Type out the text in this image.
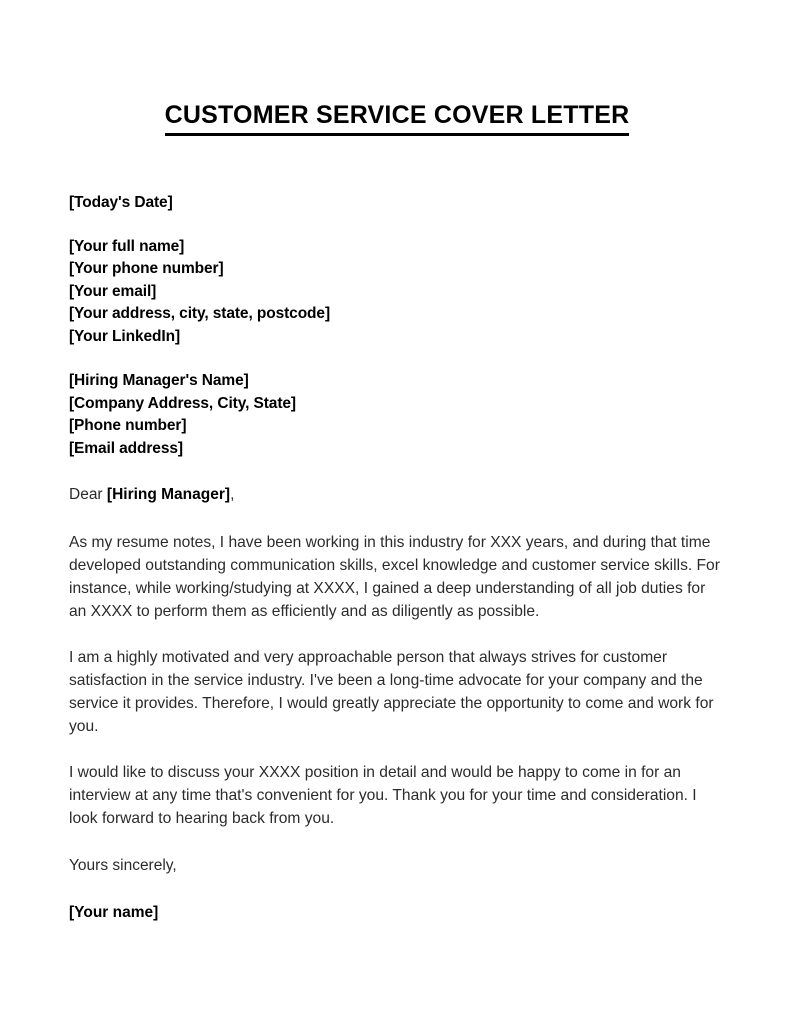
CUSTOMER SERVICE COVER LETTER
[Today's Date]
[Your full name]
[Your phone number]
[Your email]
[Your address, city, state, postcode]
[Your LinkedIn]
[Hiring Manager's Name]
[Company Address, City, State]
[Phone number]
[Email address]
Dear [Hiring Manager],

As my resume notes, I have been working in this industry for XXX years, and during that time developed outstanding communication skills, excel knowledge and customer service skills. For instance, while working/studying at XXXX, I gained a deep understanding of all job duties for an XXXX to perform them as efficiently and as diligently as possible.

I am a highly motivated and very approachable person that always strives for customer satisfaction in the service industry. I've been a long-time advocate for your company and the service it provides. Therefore, I would greatly appreciate the opportunity to come and work for you.

I would like to discuss your XXXX position in detail and would be happy to come in for an interview at any time that's convenient for you. Thank you for your time and consideration. I look forward to hearing back from you.

Yours sincerely,
[Your name]
